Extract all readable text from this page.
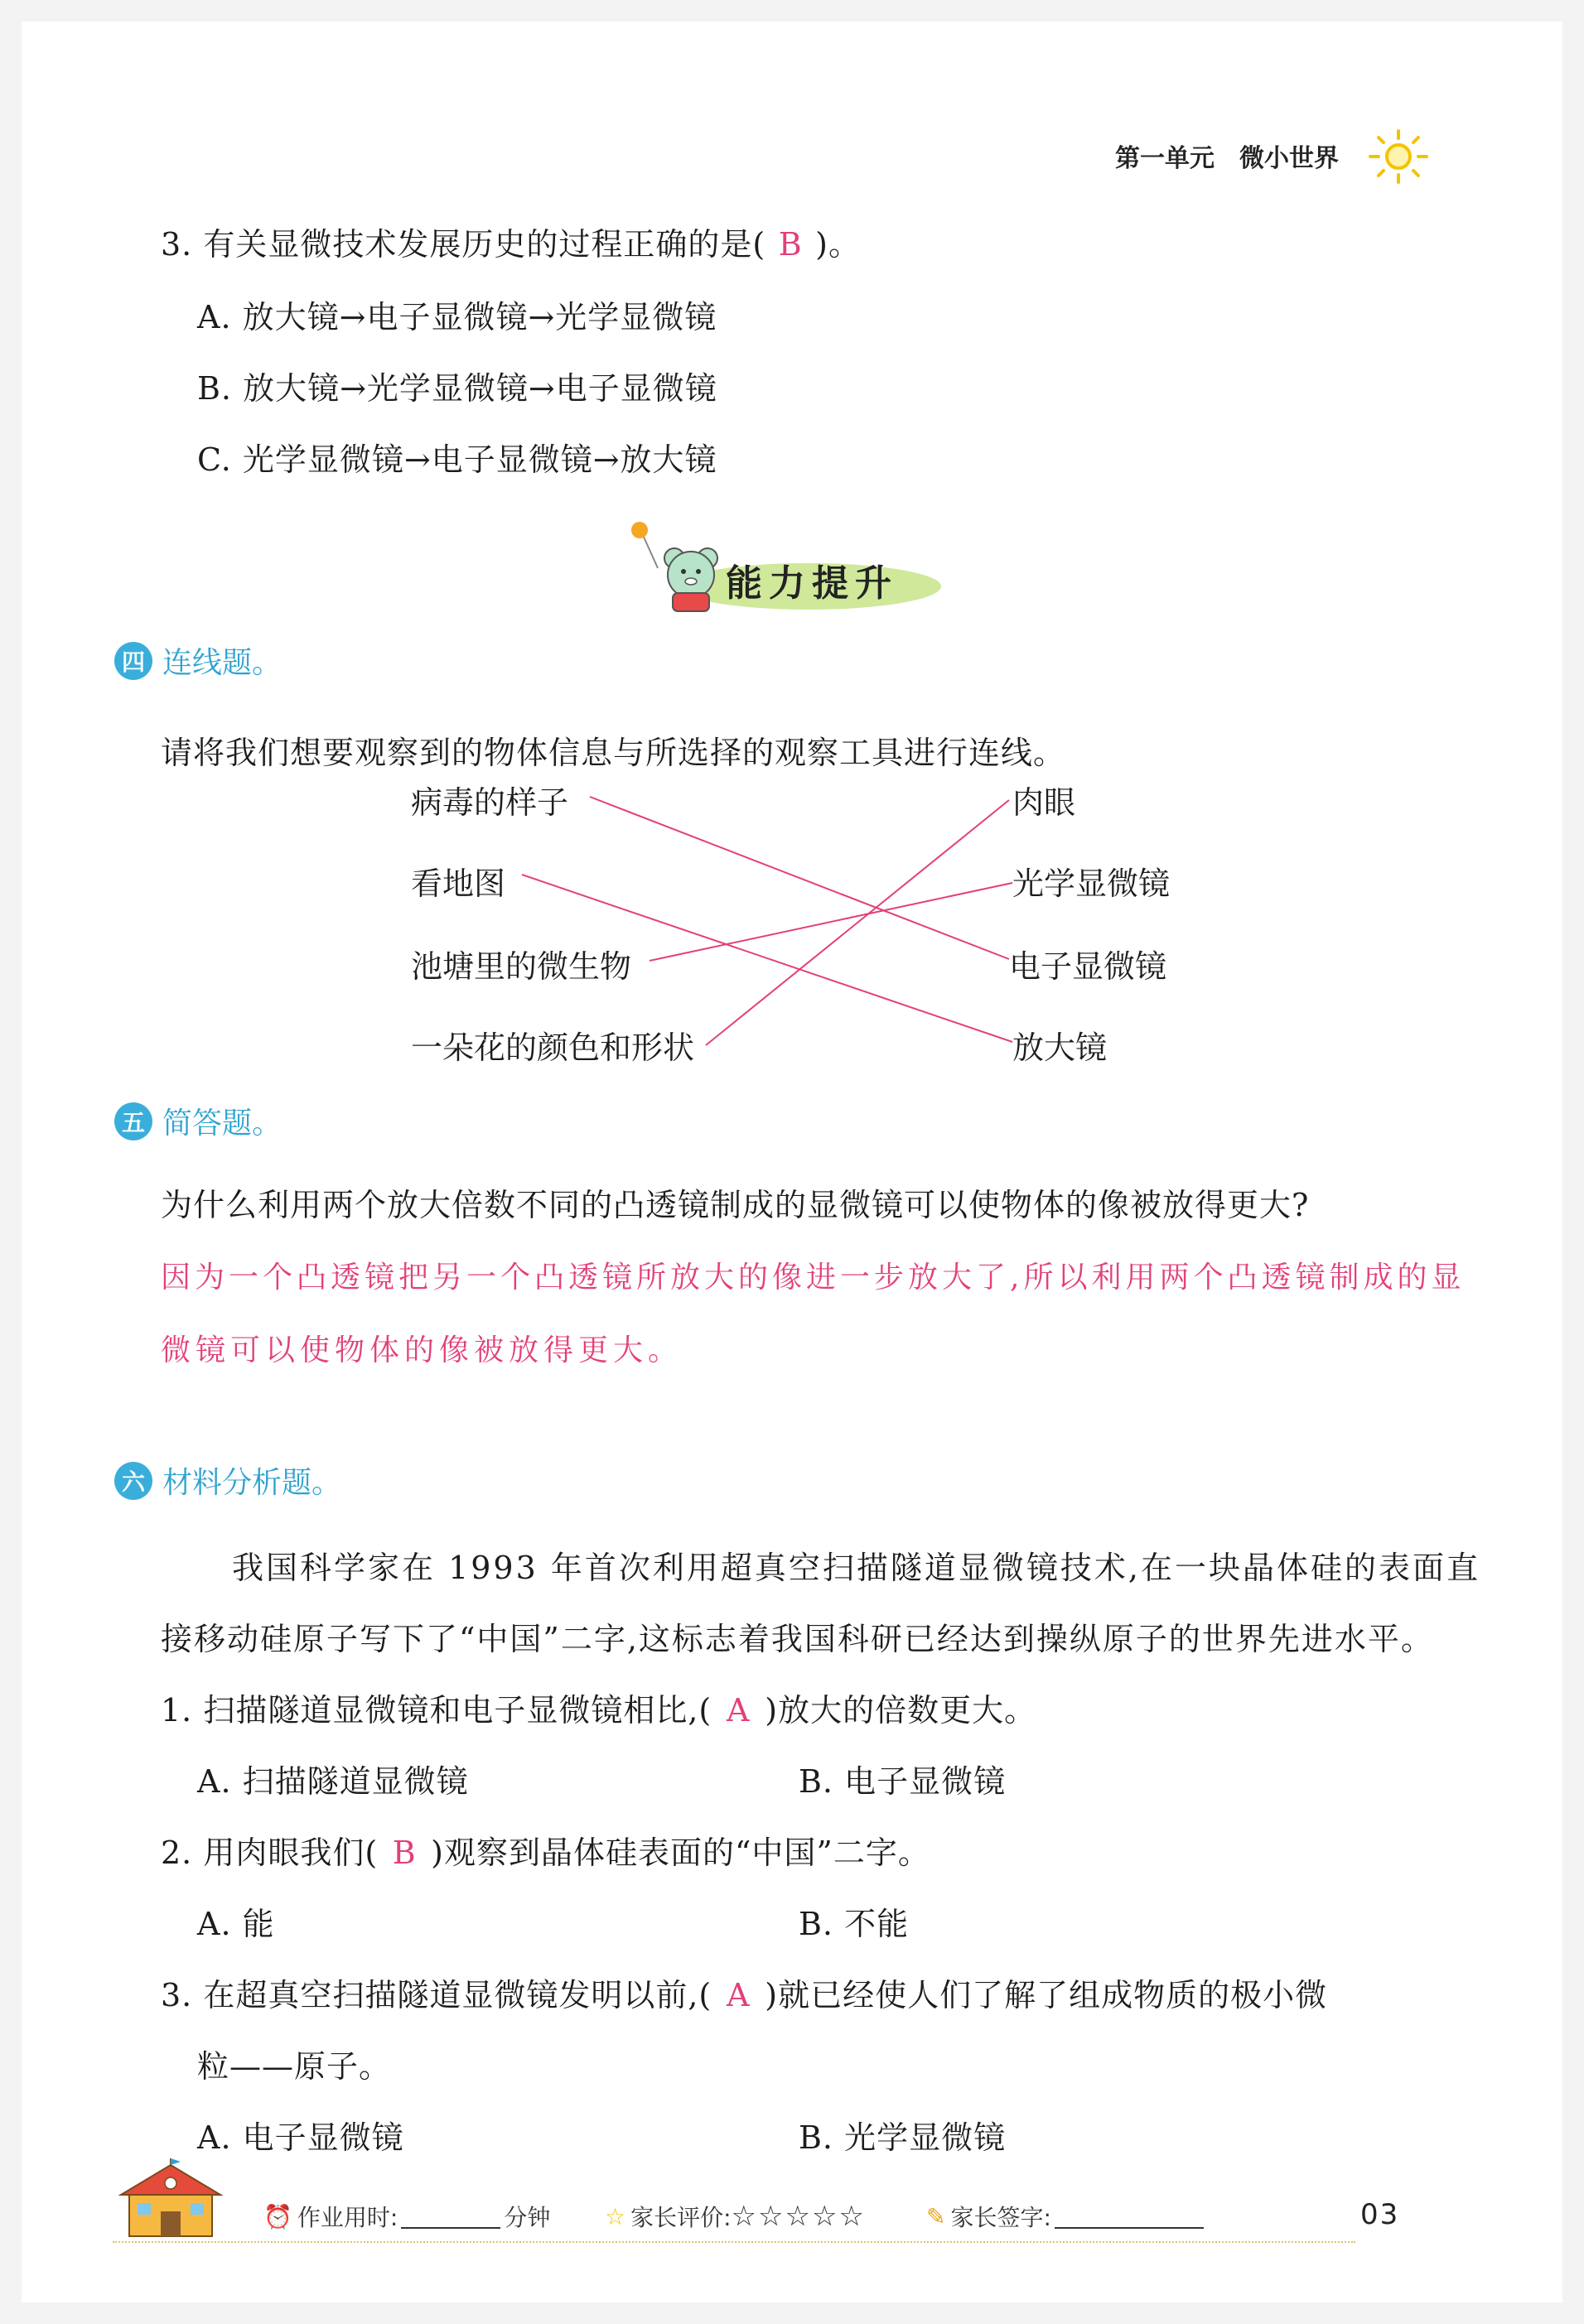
第一单元 微小世界
3. 有关显微技术发展历史的过程正确的是( B )。
A. 放大镜→电子显微镜→光学显微镜
B. 放大镜→光学显微镜→电子显微镜
C. 光学显微镜→电子显微镜→放大镜
能力提升
四 连线题。
请将我们想要观察到的物体信息与所选择的观察工具进行连线。
病毒的样子
看地图
池塘里的微生物
一朵花的颜色和形状
肉眼
光学显微镜
电子显微镜
放大镜
五 简答题。
为什么利用两个放大倍数不同的凸透镜制成的显微镜可以使物体的像被放得更大?
因为一个凸透镜把另一个凸透镜所放大的像进一步放大了,所以利用两个凸透镜制成的显
微镜可以使物体的像被放得更大。
六 材料分析题。
我国科学家在 1993 年首次利用超真空扫描隧道显微镜技术,在一块晶体硅的表面直
接移动硅原子写下了“中国”二字,这标志着我国科研已经达到操纵原子的世界先进水平。
1. 扫描隧道显微镜和电子显微镜相比,( A )放大的倍数更大。
A. 扫描隧道显微镜	B. 电子显微镜
2. 用肉眼我们( B )观察到晶体硅表面的“中国”二字。
A. 能	B. 不能
3. 在超真空扫描隧道显微镜发明以前,( A )就已经使人们了解了组成物质的极小微
粒——原子。
A. 电子显微镜	B. 光学显微镜
⏰ 作业用时:	分钟 ☆ 家长评价: ☆☆☆☆☆	✎ 家长签字:	03
